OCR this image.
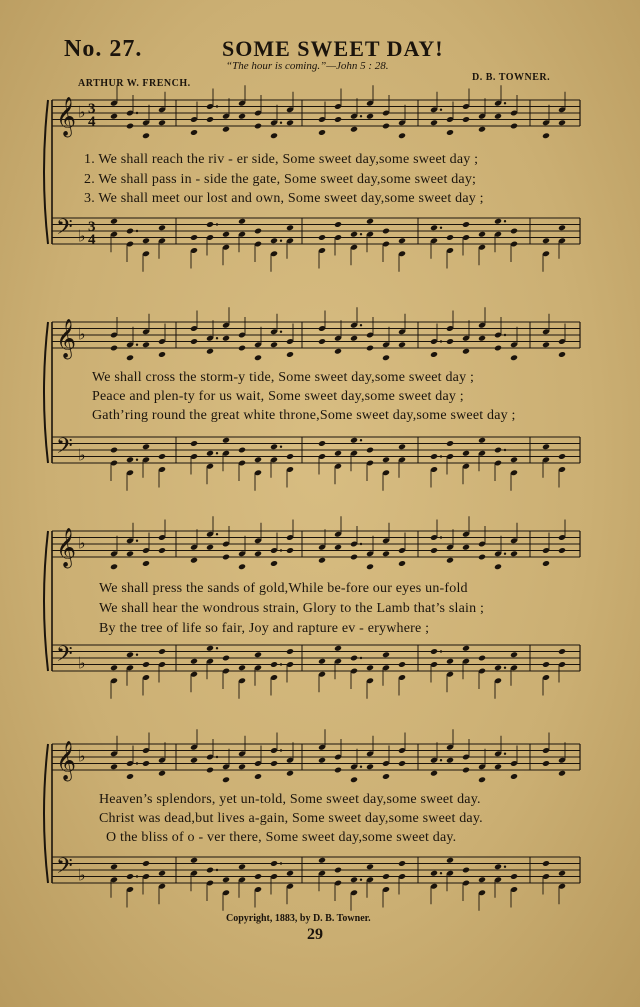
No. 27.	SOME SWEET DAY!
“The hour is coming.”—John 5 : 28.
ARTHUR W. FRENCH.
D. B. TOWNER.
𝄞 ♭ 3
4
𝄢 ♭ 3
4
1. We shall reach the riv - er side, Some sweet day,some sweet day ;
2. We shall pass in - side the gate, Some sweet day,some sweet day;
3. We shall meet our lost and own, Some sweet day,some sweet day ;
𝄞 ♭
𝄢 ♭
We shall cross the storm-y tide, Some sweet day,some sweet day ;
Peace and plen-ty for us wait, Some sweet day,some sweet day ;
Gath’ring round the great white throne,Some sweet day,some sweet day ;
𝄞 ♭
𝄢 ♭
We shall press the sands of gold,While be-fore our eyes un-fold
We shall hear the wondrous strain, Glory to the Lamb that’s slain ;
By the tree of life so fair, Joy and rapture ev - erywhere ;
𝄞 ♭
𝄢 ♭
Heaven’s splendors, yet un-told, Some sweet day,some sweet day.
Christ was dead,but lives a-gain, Some sweet day,some sweet day.
O the bliss of o - ver there, Some sweet day,some sweet day.
Copyright, 1883, by D. B. Towner.
29
